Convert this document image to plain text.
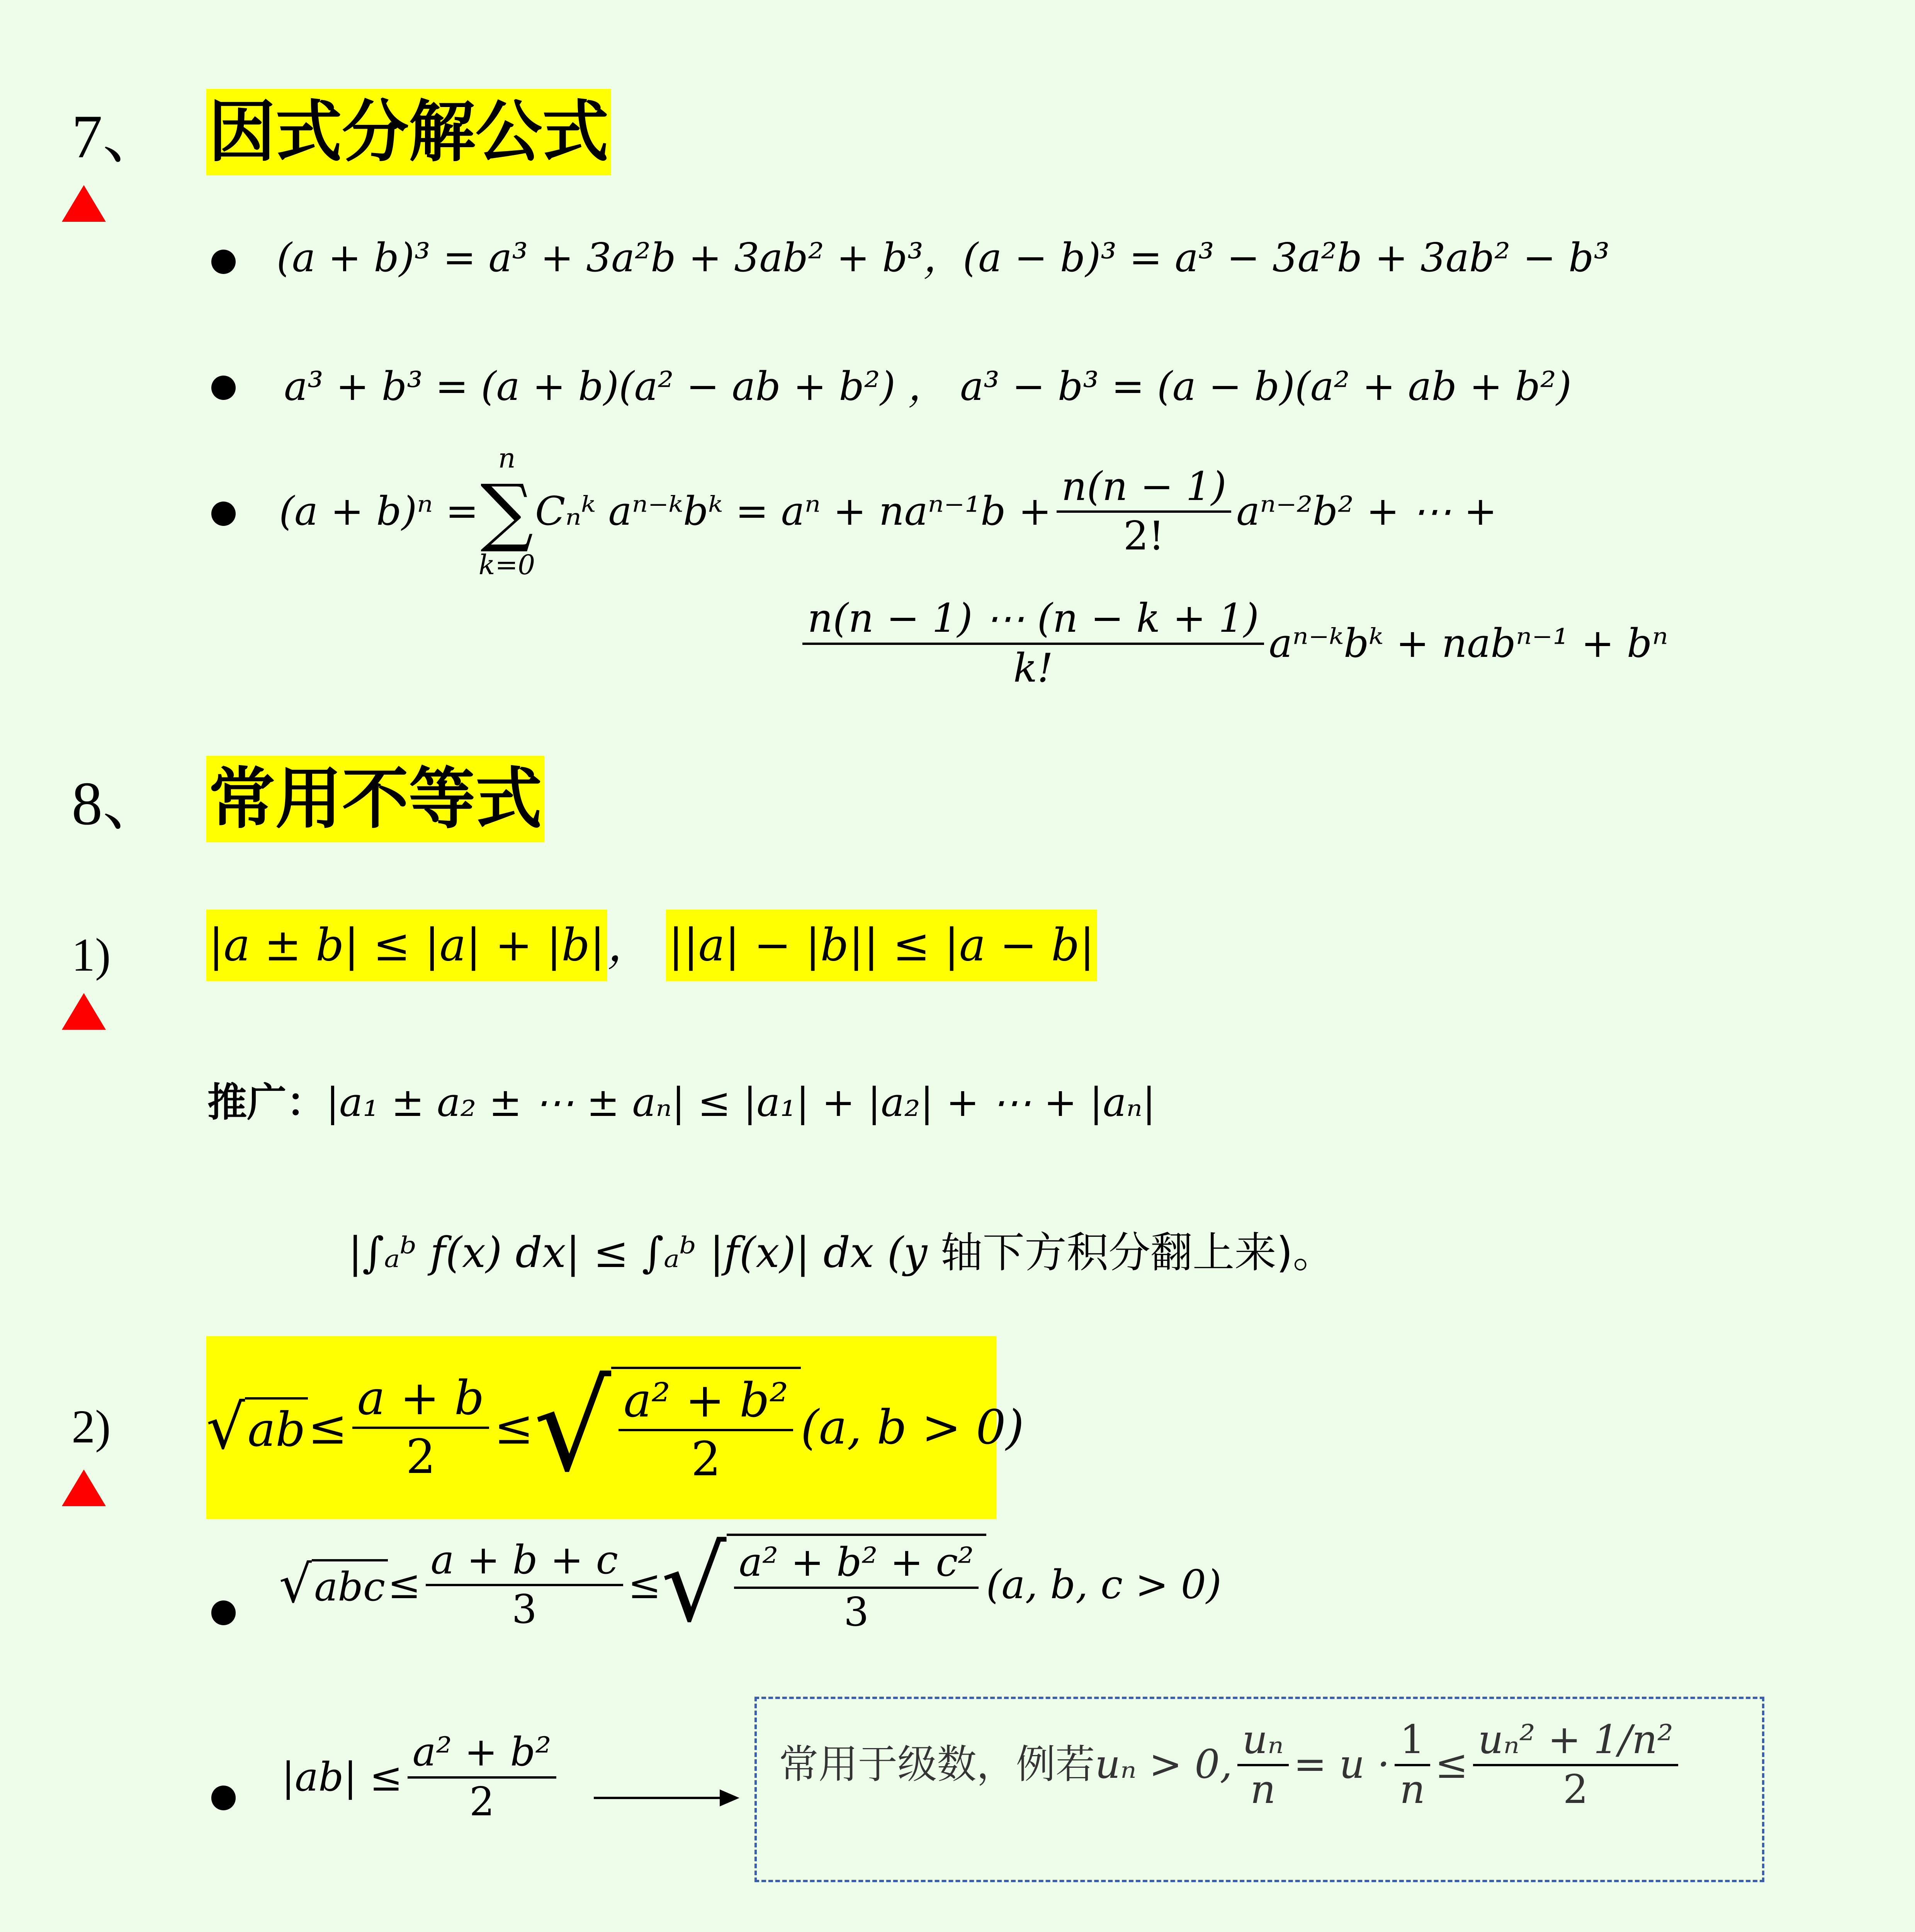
7、 因式分解公式
(a + b)³ = a³ + 3a²b + 3ab² + b³，(a − b)³ = a³ − 3a²b + 3ab² − b³
a³ + b³ = (a + b)(a² − ab + b²) ， a³ − b³ = (a − b)(a² + ab + b²)
(a + b)ⁿ =
n
∑
k=0
Cₙᵏ aⁿ⁻ᵏbᵏ = aⁿ + naⁿ⁻¹b +
n(n − 1)
2!
aⁿ⁻²b² + ⋯ +
n(n − 1) ⋯ (n − k + 1)
k!
aⁿ⁻ᵏbᵏ + nabⁿ⁻¹ + bⁿ
8、 常用不等式
1) |a ± b| ≤ |a| + |b|， ||a| − |b|| ≤ |a − b|
推广：|a₁ ± a₂ ± ⋯ ± aₙ| ≤ |a₁| + |a₂| + ⋯ + |aₙ|
|∫ₐᵇ f(x) dx| ≤ ∫ₐᵇ |f(x)| dx (y 轴下方积分翻上来)。
2) √ ab ≤
a + b
2
≤ √ a² + b²
2
(a, b > 0)
√ abc ≤
a + b + c
3
≤ √ a² + b² + c²
3
(a, b, c > 0)
|ab| ≤
a² + b²
2
常用于级数，例若 uₙ > 0,
uₙ
n
= u ·
1
n
≤
uₙ² + 1/n²
2
